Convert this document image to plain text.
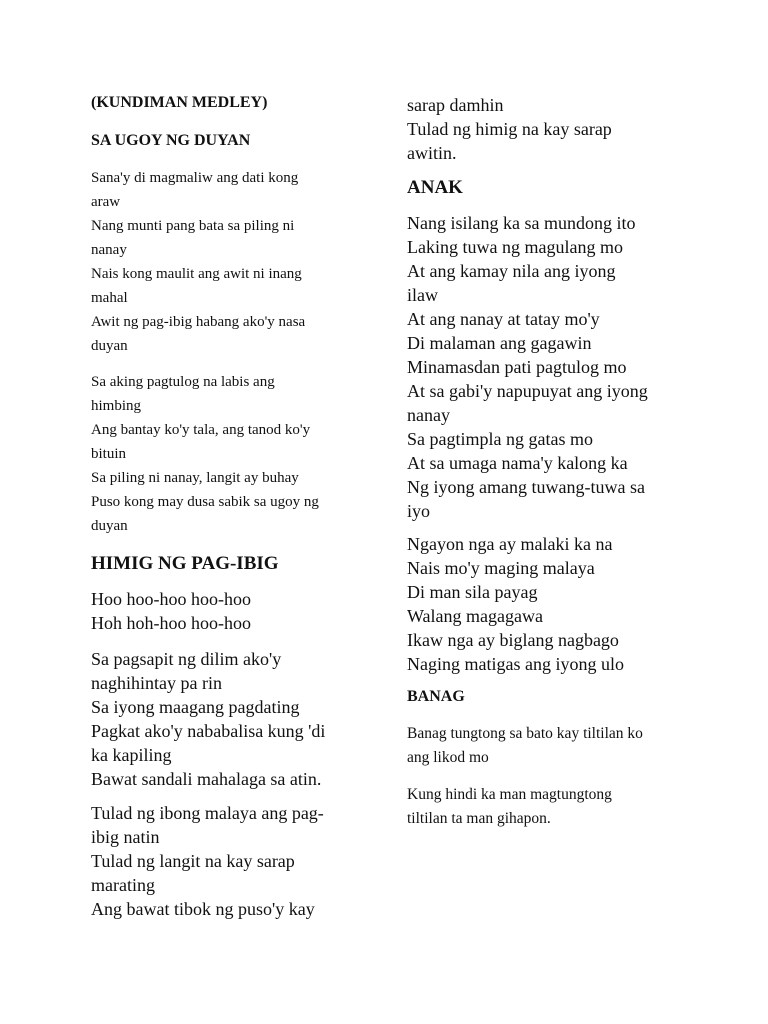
(KUNDIMAN MEDLEY)
SA UGOY NG DUYAN
Sana'y di magmaliw ang dati kong
araw
Nang munti pang bata sa piling ni
nanay
Nais kong maulit ang awit ni inang
mahal
Awit ng pag-ibig habang ako'y nasa
duyan
Sa aking pagtulog na labis ang
himbing
Ang bantay ko'y tala, ang tanod ko'y
bituin
Sa piling ni nanay, langit ay buhay
Puso kong may dusa sabik sa ugoy ng
duyan
HIMIG NG PAG-IBIG
Hoo hoo-hoo hoo-hoo
Hoh hoh-hoo hoo-hoo
Sa pagsapit ng dilim ako'y
naghihintay pa rin
Sa iyong maagang pagdating
Pagkat ako'y nababalisa kung 'di
ka kapiling
Bawat sandali mahalaga sa atin.
Tulad ng ibong malaya ang pag-
ibig natin
Tulad ng langit na kay sarap
marating
Ang bawat tibok ng puso'y kay
sarap damhin
Tulad ng himig na kay sarap
awitin.
ANAK
Nang isilang ka sa mundong ito
Laking tuwa ng magulang mo
At ang kamay nila ang iyong
ilaw
At ang nanay at tatay mo'y
Di malaman ang gagawin
Minamasdan pati pagtulog mo
At sa gabi'y napupuyat ang iyong
nanay
Sa pagtimpla ng gatas mo
At sa umaga nama'y kalong ka
Ng iyong amang tuwang-tuwa sa
iyo
Ngayon nga ay malaki ka na
Nais mo'y maging malaya
Di man sila payag
Walang magagawa
Ikaw nga ay biglang nagbago
Naging matigas ang iyong ulo
BANAG
Banag tungtong sa bato kay tiltilan ko
ang likod mo
Kung hindi ka man magtungtong
tiltilan ta man gihapon.
